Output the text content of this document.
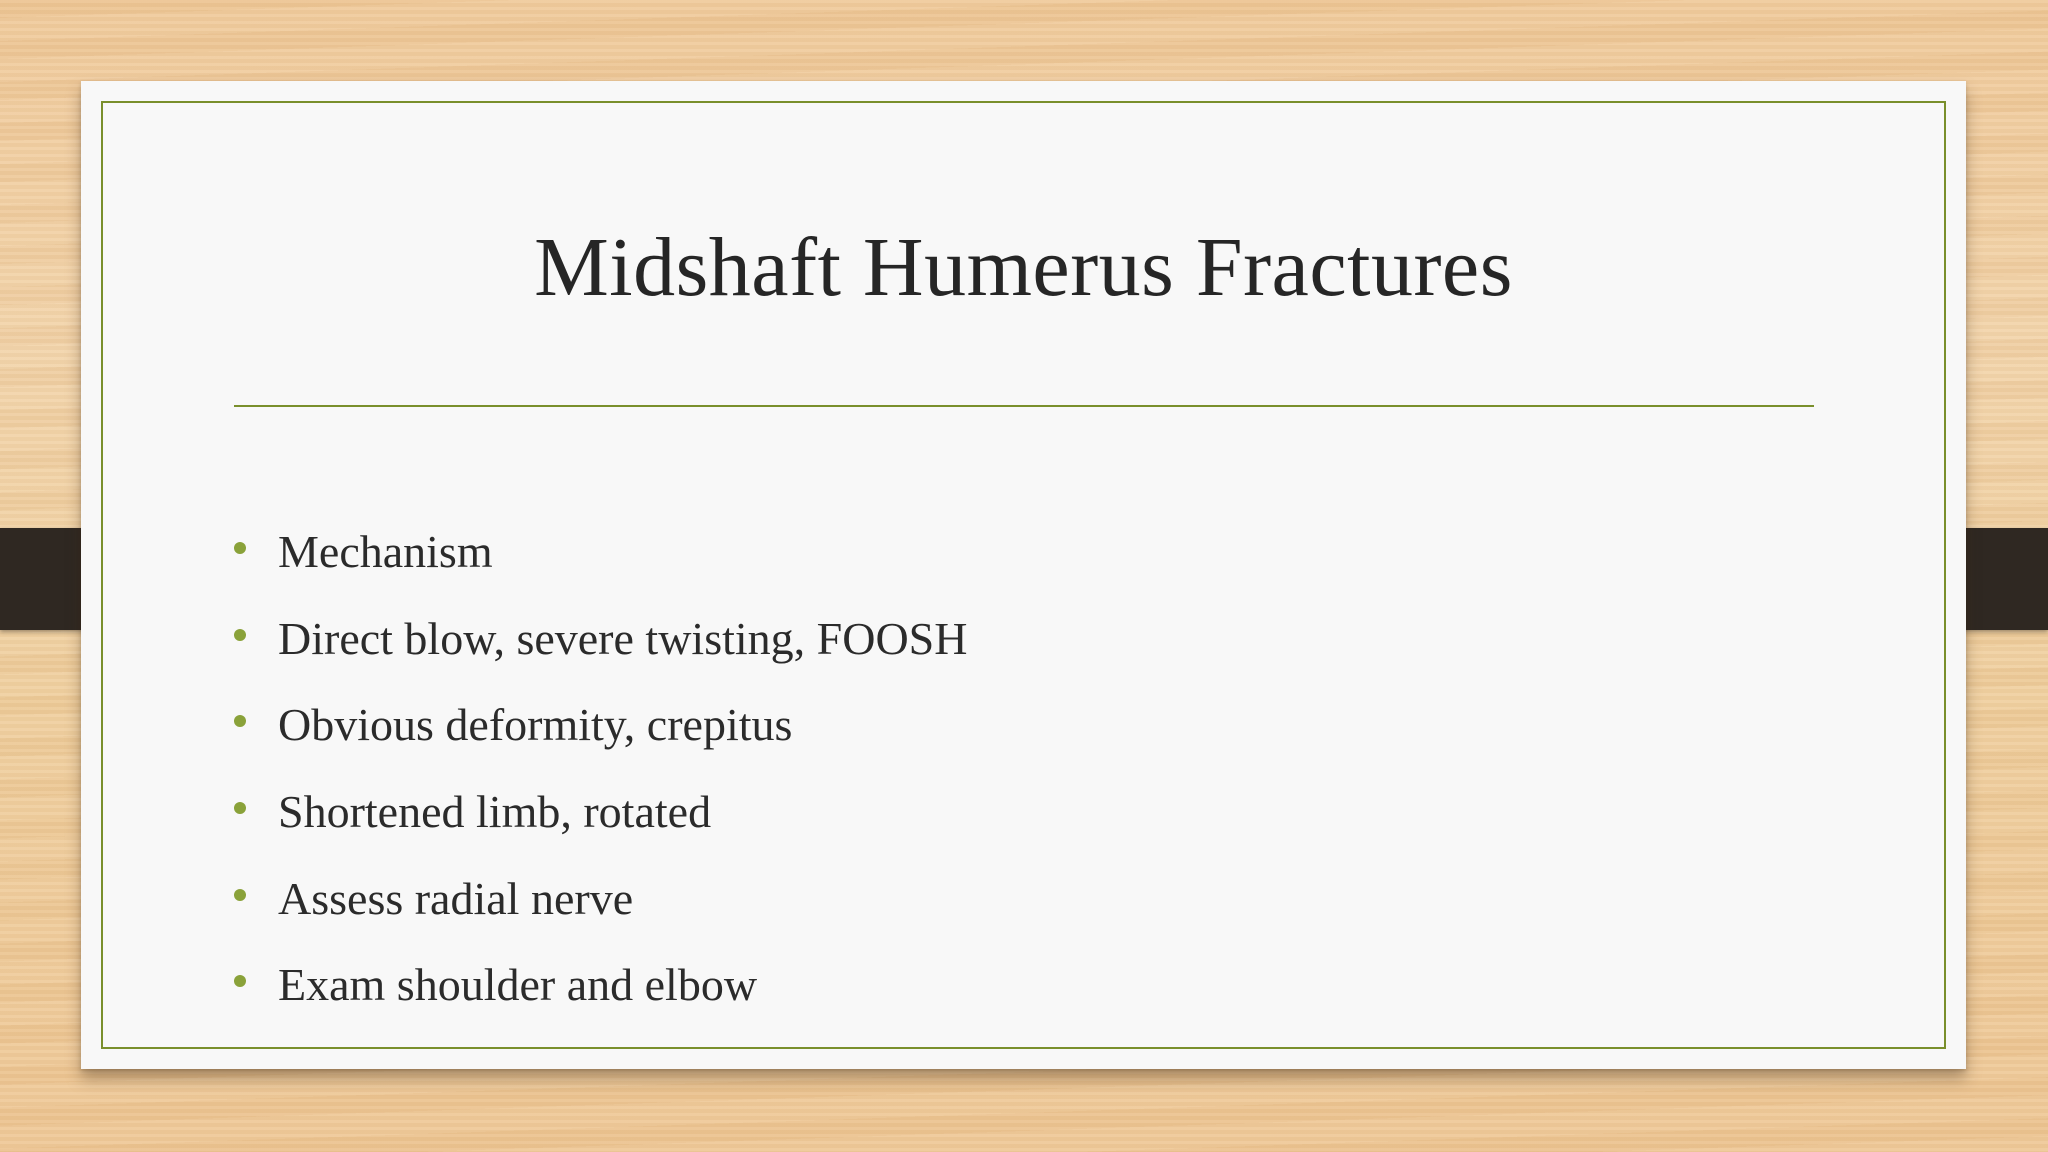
Midshaft Humerus Fractures
Mechanism
Direct blow, severe twisting, FOOSH
Obvious deformity, crepitus
Shortened limb, rotated
Assess radial nerve
Exam shoulder and elbow
